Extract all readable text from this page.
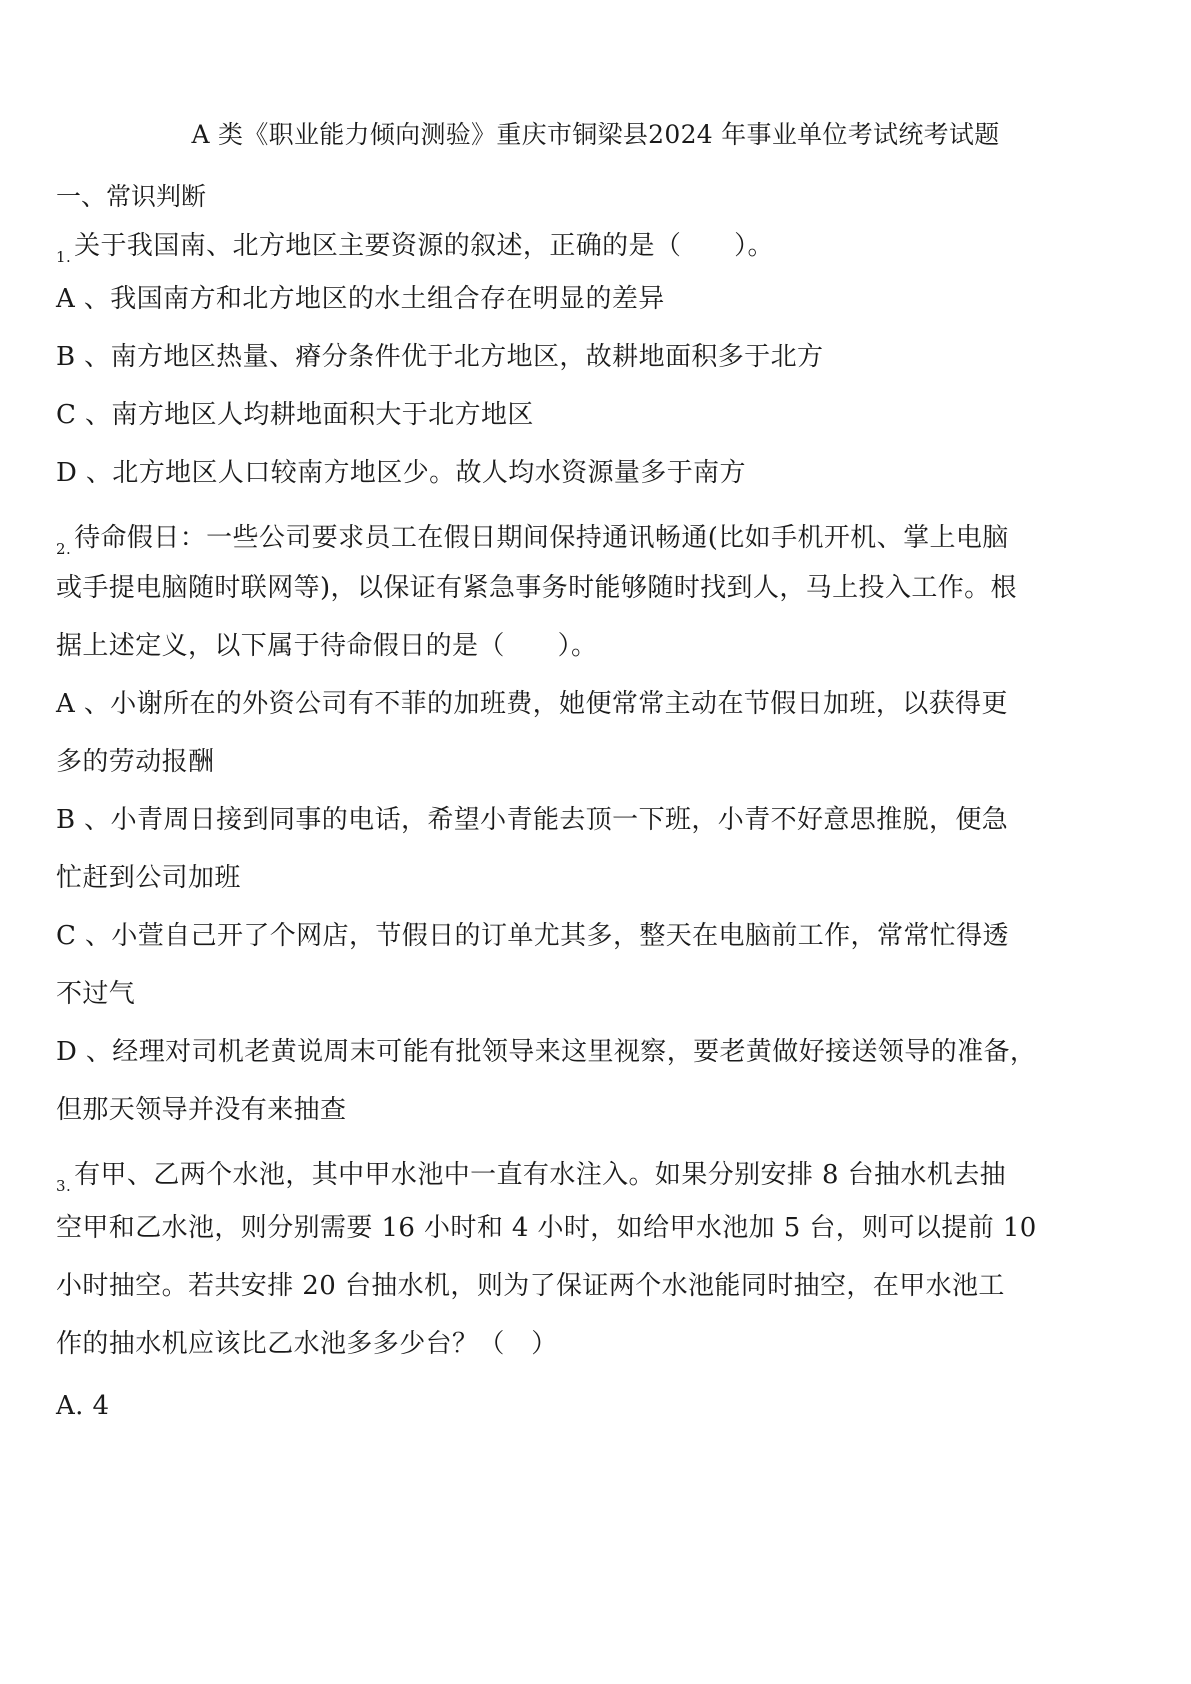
A 类《职业能力倾向测验》重庆市铜梁县2024 年事业单位考试统考试题
一、常识判断
$_{1.}$ 关于我国南、北方地区主要资源的叙述，正确的是（　　）。
A 、我国南方和北方地区的水土组合存在明显的差异
B 、南方地区热量、瘠分条件优于北方地区，故耕地面积多于北方
C 、南方地区人均耕地面积大于北方地区
D 、北方地区人口较南方地区少。故人均水资源量多于南方
$_{2.}$ 待命假日：一些公司要求员工在假日期间保持通讯畅通(比如手机开机、掌上电脑
或手提电脑随时联网等)，以保证有紧急事务时能够随时找到人，马上投入工作。根
据上述定义，以下属于待命假日的是（　　）。
A 、小谢所在的外资公司有不菲的加班费，她便常常主动在节假日加班，以获得更
多的劳动报酬
B 、小青周日接到同事的电话，希望小青能去顶一下班，小青不好意思推脱，便急
忙赶到公司加班
C 、小萱自己开了个网店，节假日的订单尤其多，整天在电脑前工作，常常忙得透
不过气
D 、经理对司机老黄说周末可能有批领导来这里视察，要老黄做好接送领导的准备，
但那天领导并没有来抽查
$_{3.}$ 有甲、乙两个水池，其中甲水池中一直有水注入。如果分别安排 8 台抽水机去抽
空甲和乙水池，则分别需要 16 小时和 4 小时，如给甲水池加 5 台，则可以提前 10
小时抽空。若共安排 20 台抽水机，则为了保证两个水池能同时抽空，在甲水池工
作的抽水机应该比乙水池多多少台？（　）
A. 4
